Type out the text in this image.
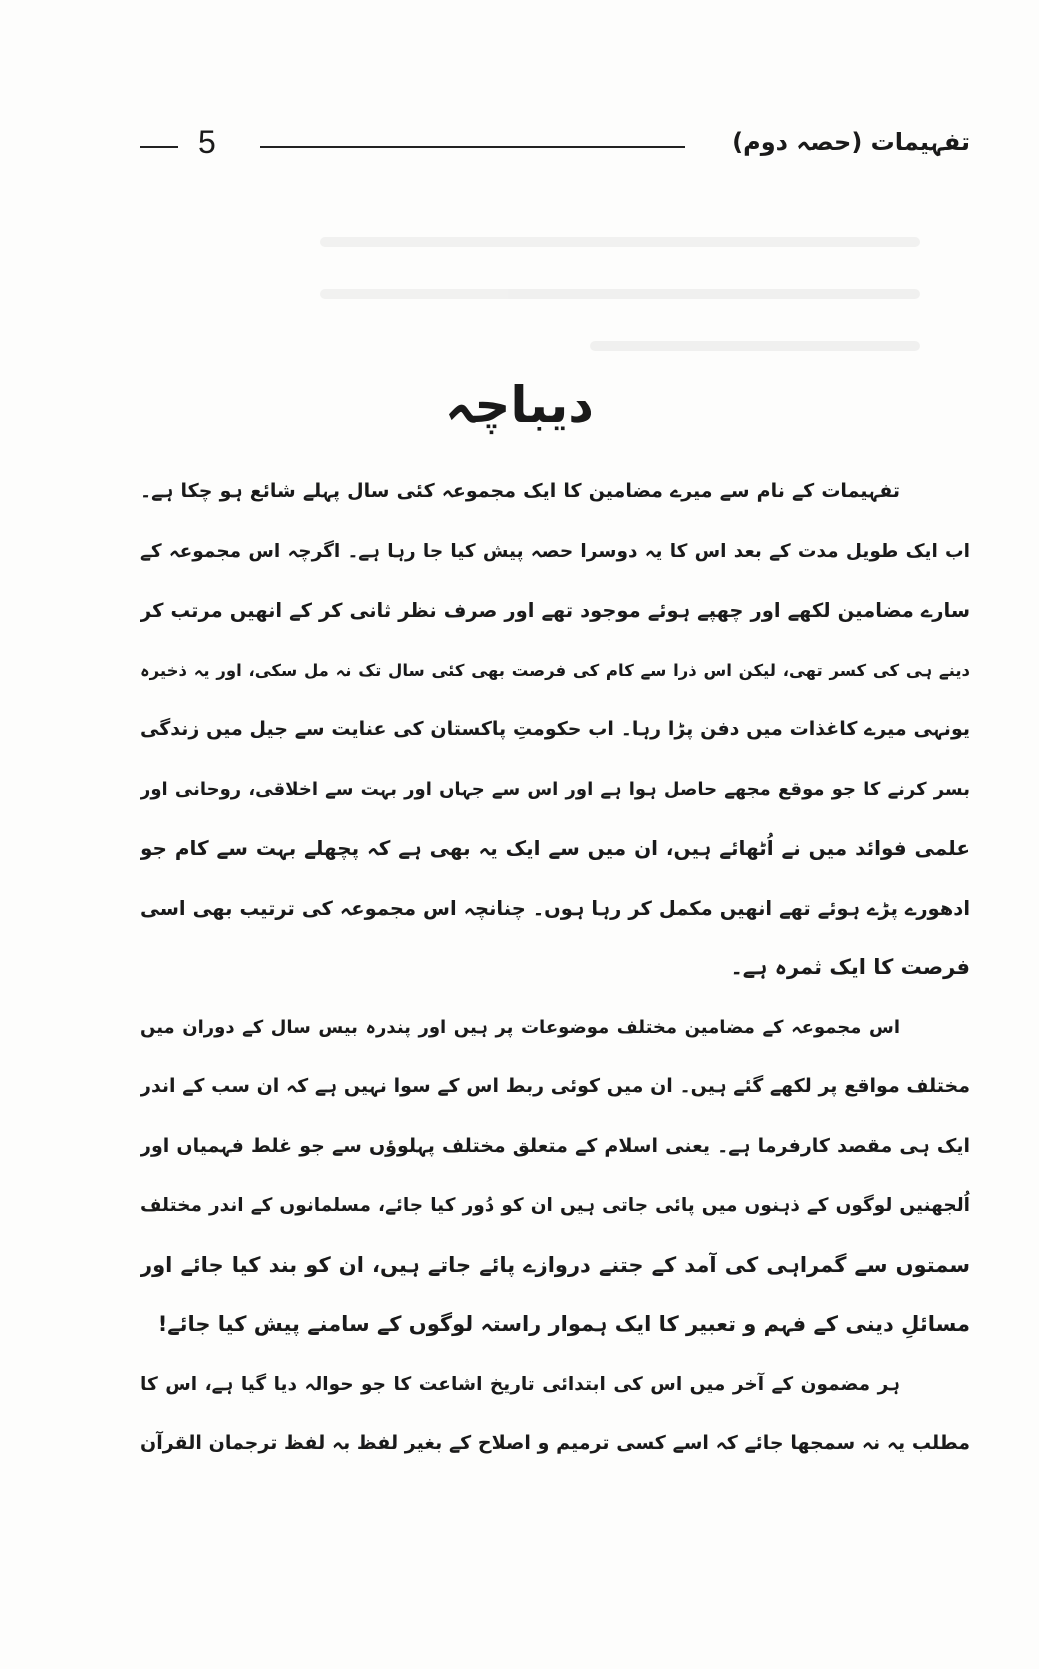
5	تفہیمات (حصہ دوم)
دیباچہ
تفہیمات کے نام سے میرے مضامین کا ایک مجموعہ کئی سال پہلے شائع ہو چکا ہے۔
اب ایک طویل مدت کے بعد اس کا یہ دوسرا حصہ پیش کیا جا رہا ہے۔ اگرچہ اس مجموعہ کے
سارے مضامین لکھے اور چھپے ہوئے موجود تھے اور صرف نظر ثانی کر کے انھیں مرتب کر
دینے ہی کی کسر تھی، لیکن اس ذرا سے کام کی فرصت بھی کئی سال تک نہ مل سکی، اور یہ ذخیرہ
یونہی میرے کاغذات میں دفن پڑا رہا۔ اب حکومتِ پاکستان کی عنایت سے جیل میں زندگی
بسر کرنے کا جو موقع مجھے حاصل ہوا ہے اور اس سے جہاں اور بہت سے اخلاقی، روحانی اور
علمی فوائد میں نے اُٹھائے ہیں، ان میں سے ایک یہ بھی ہے کہ پچھلے بہت سے کام جو
ادھورے پڑے ہوئے تھے انھیں مکمل کر رہا ہوں۔ چنانچہ اس مجموعہ کی ترتیب بھی اسی
فرصت کا ایک ثمرہ ہے۔
اس مجموعہ کے مضامین مختلف موضوعات پر ہیں اور پندرہ بیس سال کے دوران میں
مختلف مواقع پر لکھے گئے ہیں۔ ان میں کوئی ربط اس کے سوا نہیں ہے کہ ان سب کے اندر
ایک ہی مقصد کارفرما ہے۔ یعنی اسلام کے متعلق مختلف پہلوؤں سے جو غلط فہمیاں اور
اُلجھنیں لوگوں کے ذہنوں میں پائی جاتی ہیں ان کو دُور کیا جائے، مسلمانوں کے اندر مختلف
سمتوں سے گمراہی کی آمد کے جتنے دروازے پائے جاتے ہیں، ان کو بند کیا جائے اور
مسائلِ دینی کے فہم و تعبیر کا ایک ہموار راستہ لوگوں کے سامنے پیش کیا جائے!
ہر مضمون کے آخر میں اس کی ابتدائی تاریخ اشاعت کا جو حوالہ دیا گیا ہے، اس کا
مطلب یہ نہ سمجھا جائے کہ اسے کسی ترمیم و اصلاح کے بغیر لفظ بہ لفظ ترجمان القرآن
